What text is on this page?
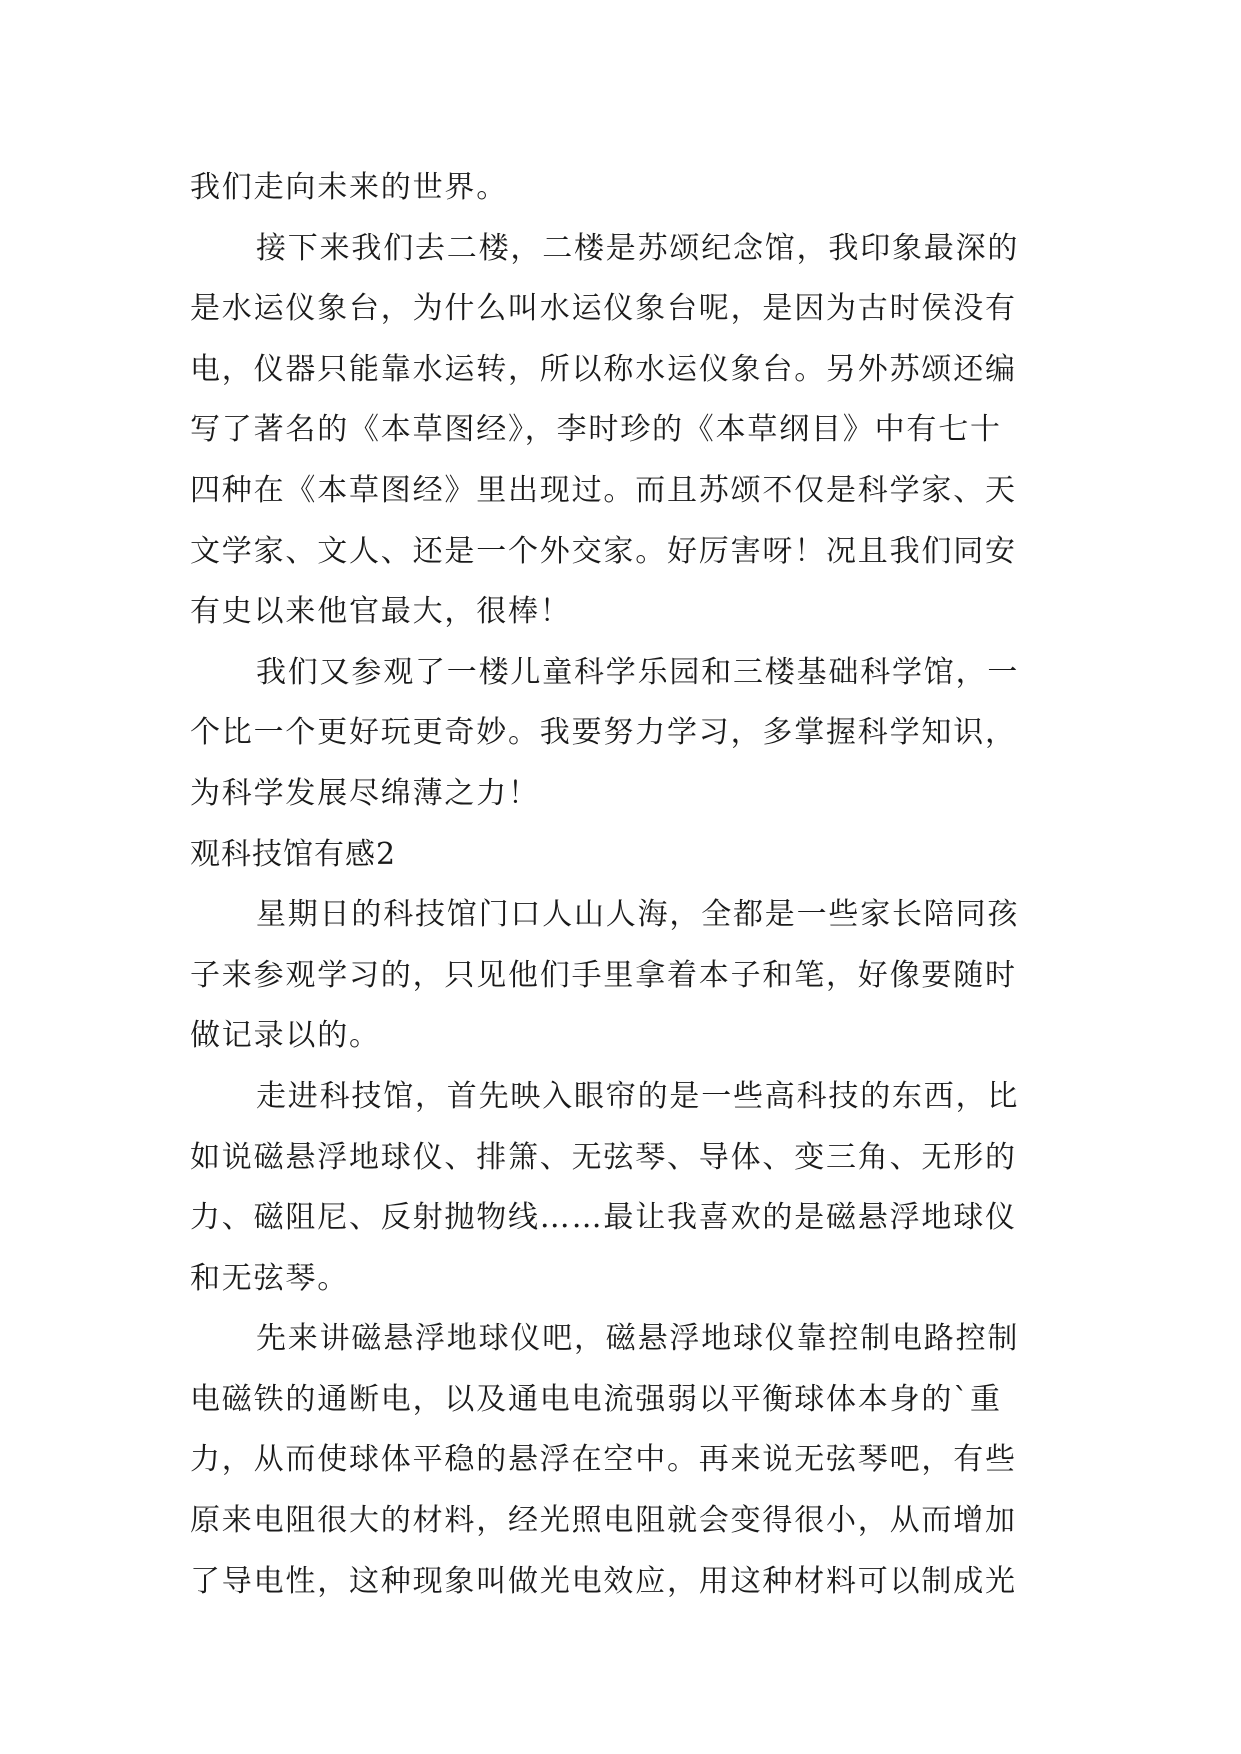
我们走向未来的世界。
接下来我们去二楼，二楼是苏颂纪念馆，我印象最深的
是水运仪象台，为什么叫水运仪象台呢，是因为古时侯没有
电，仪器只能靠水运转，所以称水运仪象台。另外苏颂还编
写了著名的《本草图经》，李时珍的《本草纲目》中有七十
四种在《本草图经》里出现过。而且苏颂不仅是科学家、天
文学家、文人、还是一个外交家。好厉害呀！况且我们同安
有史以来他官最大，很棒！
我们又参观了一楼儿童科学乐园和三楼基础科学馆，一
个比一个更好玩更奇妙。我要努力学习，多掌握科学知识，
为科学发展尽绵薄之力！
观科技馆有感2
星期日的科技馆门口人山人海，全都是一些家长陪同孩
子来参观学习的，只见他们手里拿着本子和笔，好像要随时
做记录以的。
走进科技馆，首先映入眼帘的是一些高科技的东西，比
如说磁悬浮地球仪、排箫、无弦琴、导体、变三角、无形的
力、磁阻尼、反射抛物线……最让我喜欢的是磁悬浮地球仪
和无弦琴。
先来讲磁悬浮地球仪吧，磁悬浮地球仪靠控制电路控制
电磁铁的通断电，以及通电电流强弱以平衡球体本身的`重
力，从而使球体平稳的悬浮在空中。再来说无弦琴吧，有些
原来电阻很大的材料，经光照电阻就会变得很小，从而增加
了导电性，这种现象叫做光电效应，用这种材料可以制成光
